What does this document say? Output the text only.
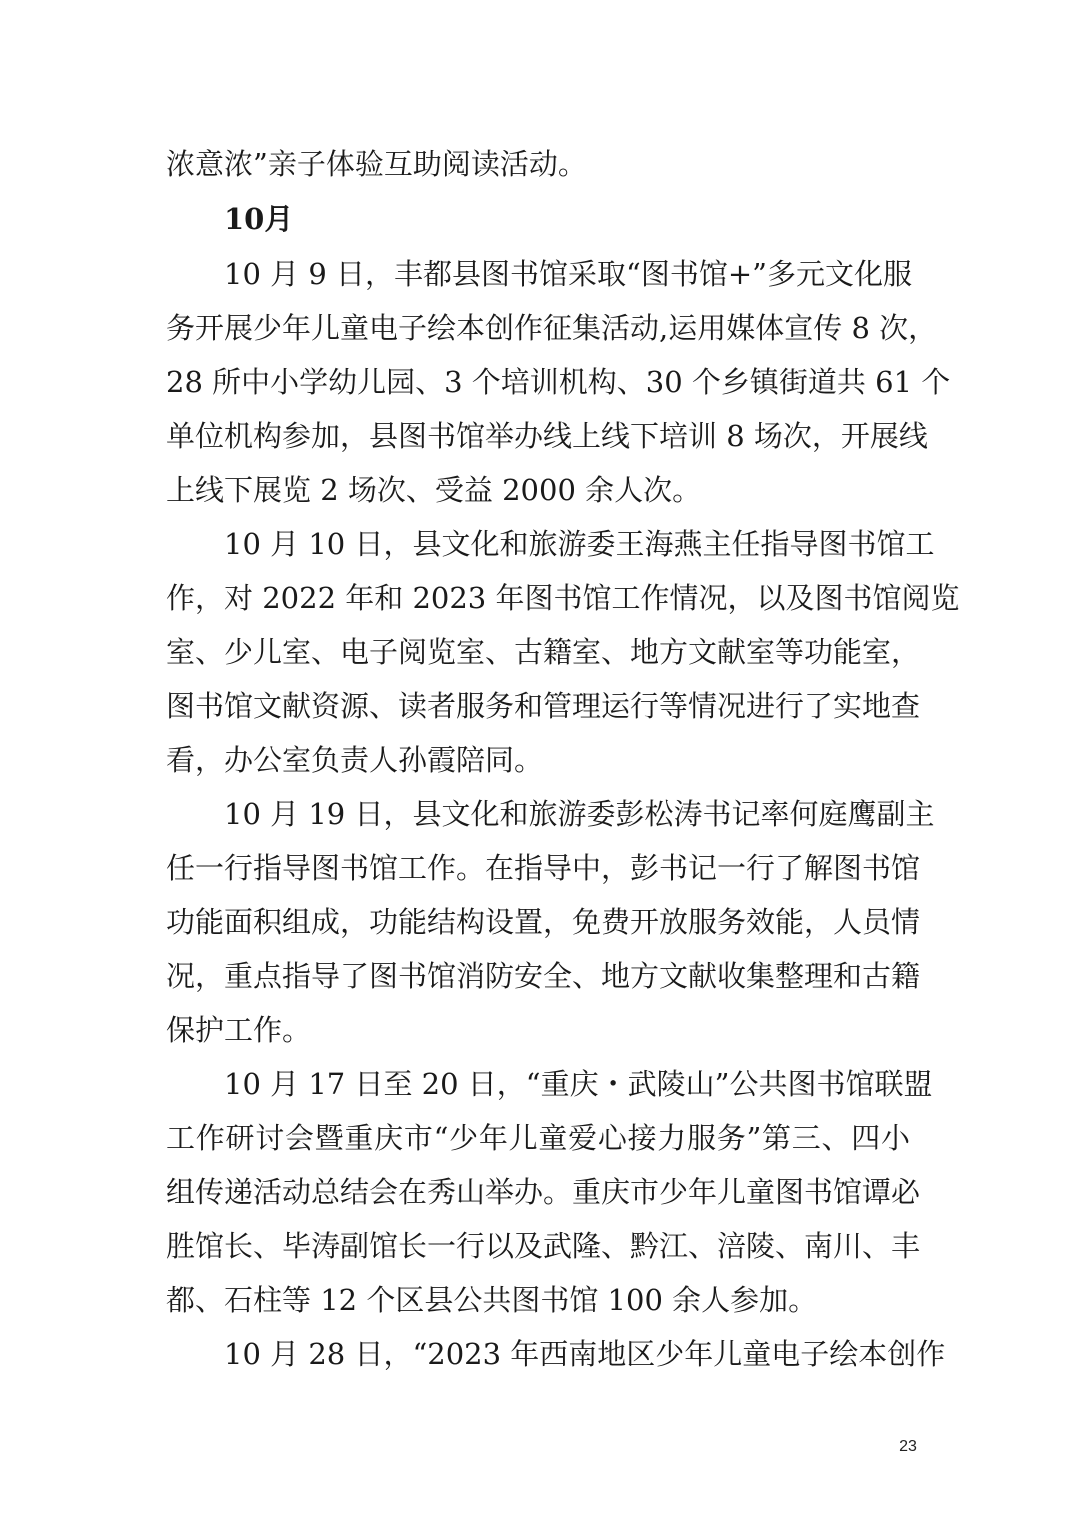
浓意浓”亲子体验互助阅读活动。
10月
10 月 9 日，丰都县图书馆采取“图书馆+”多元文化服
务开展少年儿童电子绘本创作征集活动,运用媒体宣传 8 次，
28 所中小学幼儿园、3 个培训机构、30 个乡镇街道共 61 个
单位机构参加，县图书馆举办线上线下培训 8 场次，开展线
上线下展览 2 场次、受益 2000 余人次。
10 月 10 日，县文化和旅游委王海燕主任指导图书馆工
作，对 2022 年和 2023 年图书馆工作情况，以及图书馆阅览
室、少儿室、电子阅览室、古籍室、地方文献室等功能室，
图书馆文献资源、读者服务和管理运行等情况进行了实地查
看，办公室负责人孙霞陪同。
10 月 19 日，县文化和旅游委彭松涛书记率何庭鹰副主
任一行指导图书馆工作。在指导中，彭书记一行了解图书馆
功能面积组成，功能结构设置，免费开放服务效能，人员情
况，重点指导了图书馆消防安全、地方文献收集整理和古籍
保护工作。
10 月 17 日至 20 日，“重庆・武陵山”公共图书馆联盟
工作研讨会暨重庆市“少年儿童爱心接力服务”第三、四小
组传递活动总结会在秀山举办。重庆市少年儿童图书馆谭必
胜馆长、毕涛副馆长一行以及武隆、黔江、涪陵、南川、丰
都、石柱等 12 个区县公共图书馆 100 余人参加。
10 月 28 日，“2023 年西南地区少年儿童电子绘本创作
23
